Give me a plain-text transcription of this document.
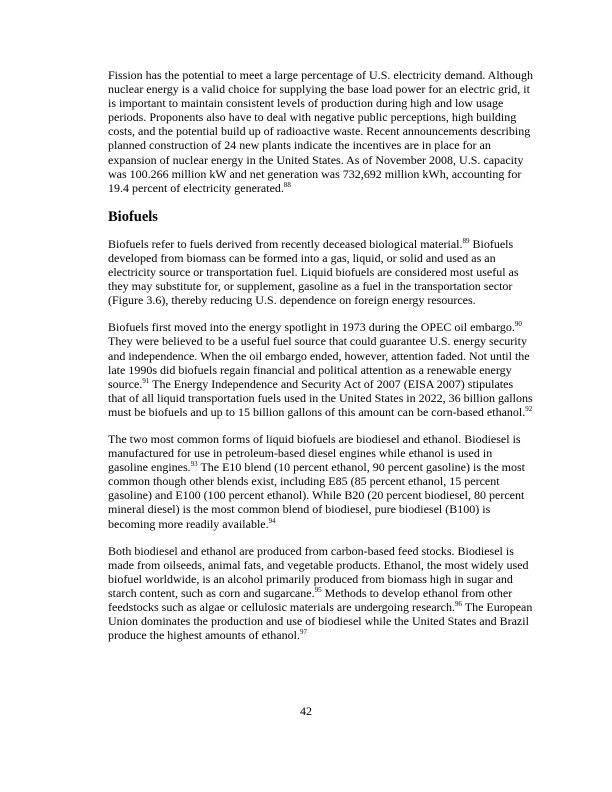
Fission has the potential to meet a large percentage of U.S. electricity demand. Although nuclear energy is a valid choice for supplying the base load power for an electric grid, it is important to maintain consistent levels of production during high and low usage periods. Proponents also have to deal with negative public perceptions, high building costs, and the potential build up of radioactive waste. Recent announcements describing planned construction of 24 new plants indicate the incentives are in place for an expansion of nuclear energy in the United States. As of November 2008, U.S. capacity was 100.266 million kW and net generation was 732,692 million kWh, accounting for 19.4 percent of electricity generated.$^{88}$

Biofuels

Biofuels refer to fuels derived from recently deceased biological material.$^{89}$ Biofuels developed from biomass can be formed into a gas, liquid, or solid and used as an electricity source or transportation fuel. Liquid biofuels are considered most useful as they may substitute for, or supplement, gasoline as a fuel in the transportation sector (Figure 3.6), thereby reducing U.S. dependence on foreign energy resources.

Biofuels first moved into the energy spotlight in 1973 during the OPEC oil embargo.$^{90}$ They were believed to be a useful fuel source that could guarantee U.S. energy security and independence. When the oil embargo ended, however, attention faded. Not until the late 1990s did biofuels regain financial and political attention as a renewable energy source.$^{91}$ The Energy Independence and Security Act of 2007 (EISA 2007) stipulates that of all liquid transportation fuels used in the United States in 2022, 36 billion gallons must be biofuels and up to 15 billion gallons of this amount can be corn-based ethanol.$^{92}$

The two most common forms of liquid biofuels are biodiesel and ethanol. Biodiesel is manufactured for use in petroleum-based diesel engines while ethanol is used in gasoline engines.$^{93}$ The E10 blend (10 percent ethanol, 90 percent gasoline) is the most common though other blends exist, including E85 (85 percent ethanol, 15 percent gasoline) and E100 (100 percent ethanol). While B20 (20 percent biodiesel, 80 percent mineral diesel) is the most common blend of biodiesel, pure biodiesel (B100) is becoming more readily available.$^{94}$

Both biodiesel and ethanol are produced from carbon-based feed stocks. Biodiesel is made from oilseeds, animal fats, and vegetable products. Ethanol, the most widely used biofuel worldwide, is an alcohol primarily produced from biomass high in sugar and starch content, such as corn and sugarcane.$^{95}$ Methods to develop ethanol from other feedstocks such as algae or cellulosic materials are undergoing research.$^{96}$ The European Union dominates the production and use of biodiesel while the United States and Brazil produce the highest amounts of ethanol.$^{97}$

42
